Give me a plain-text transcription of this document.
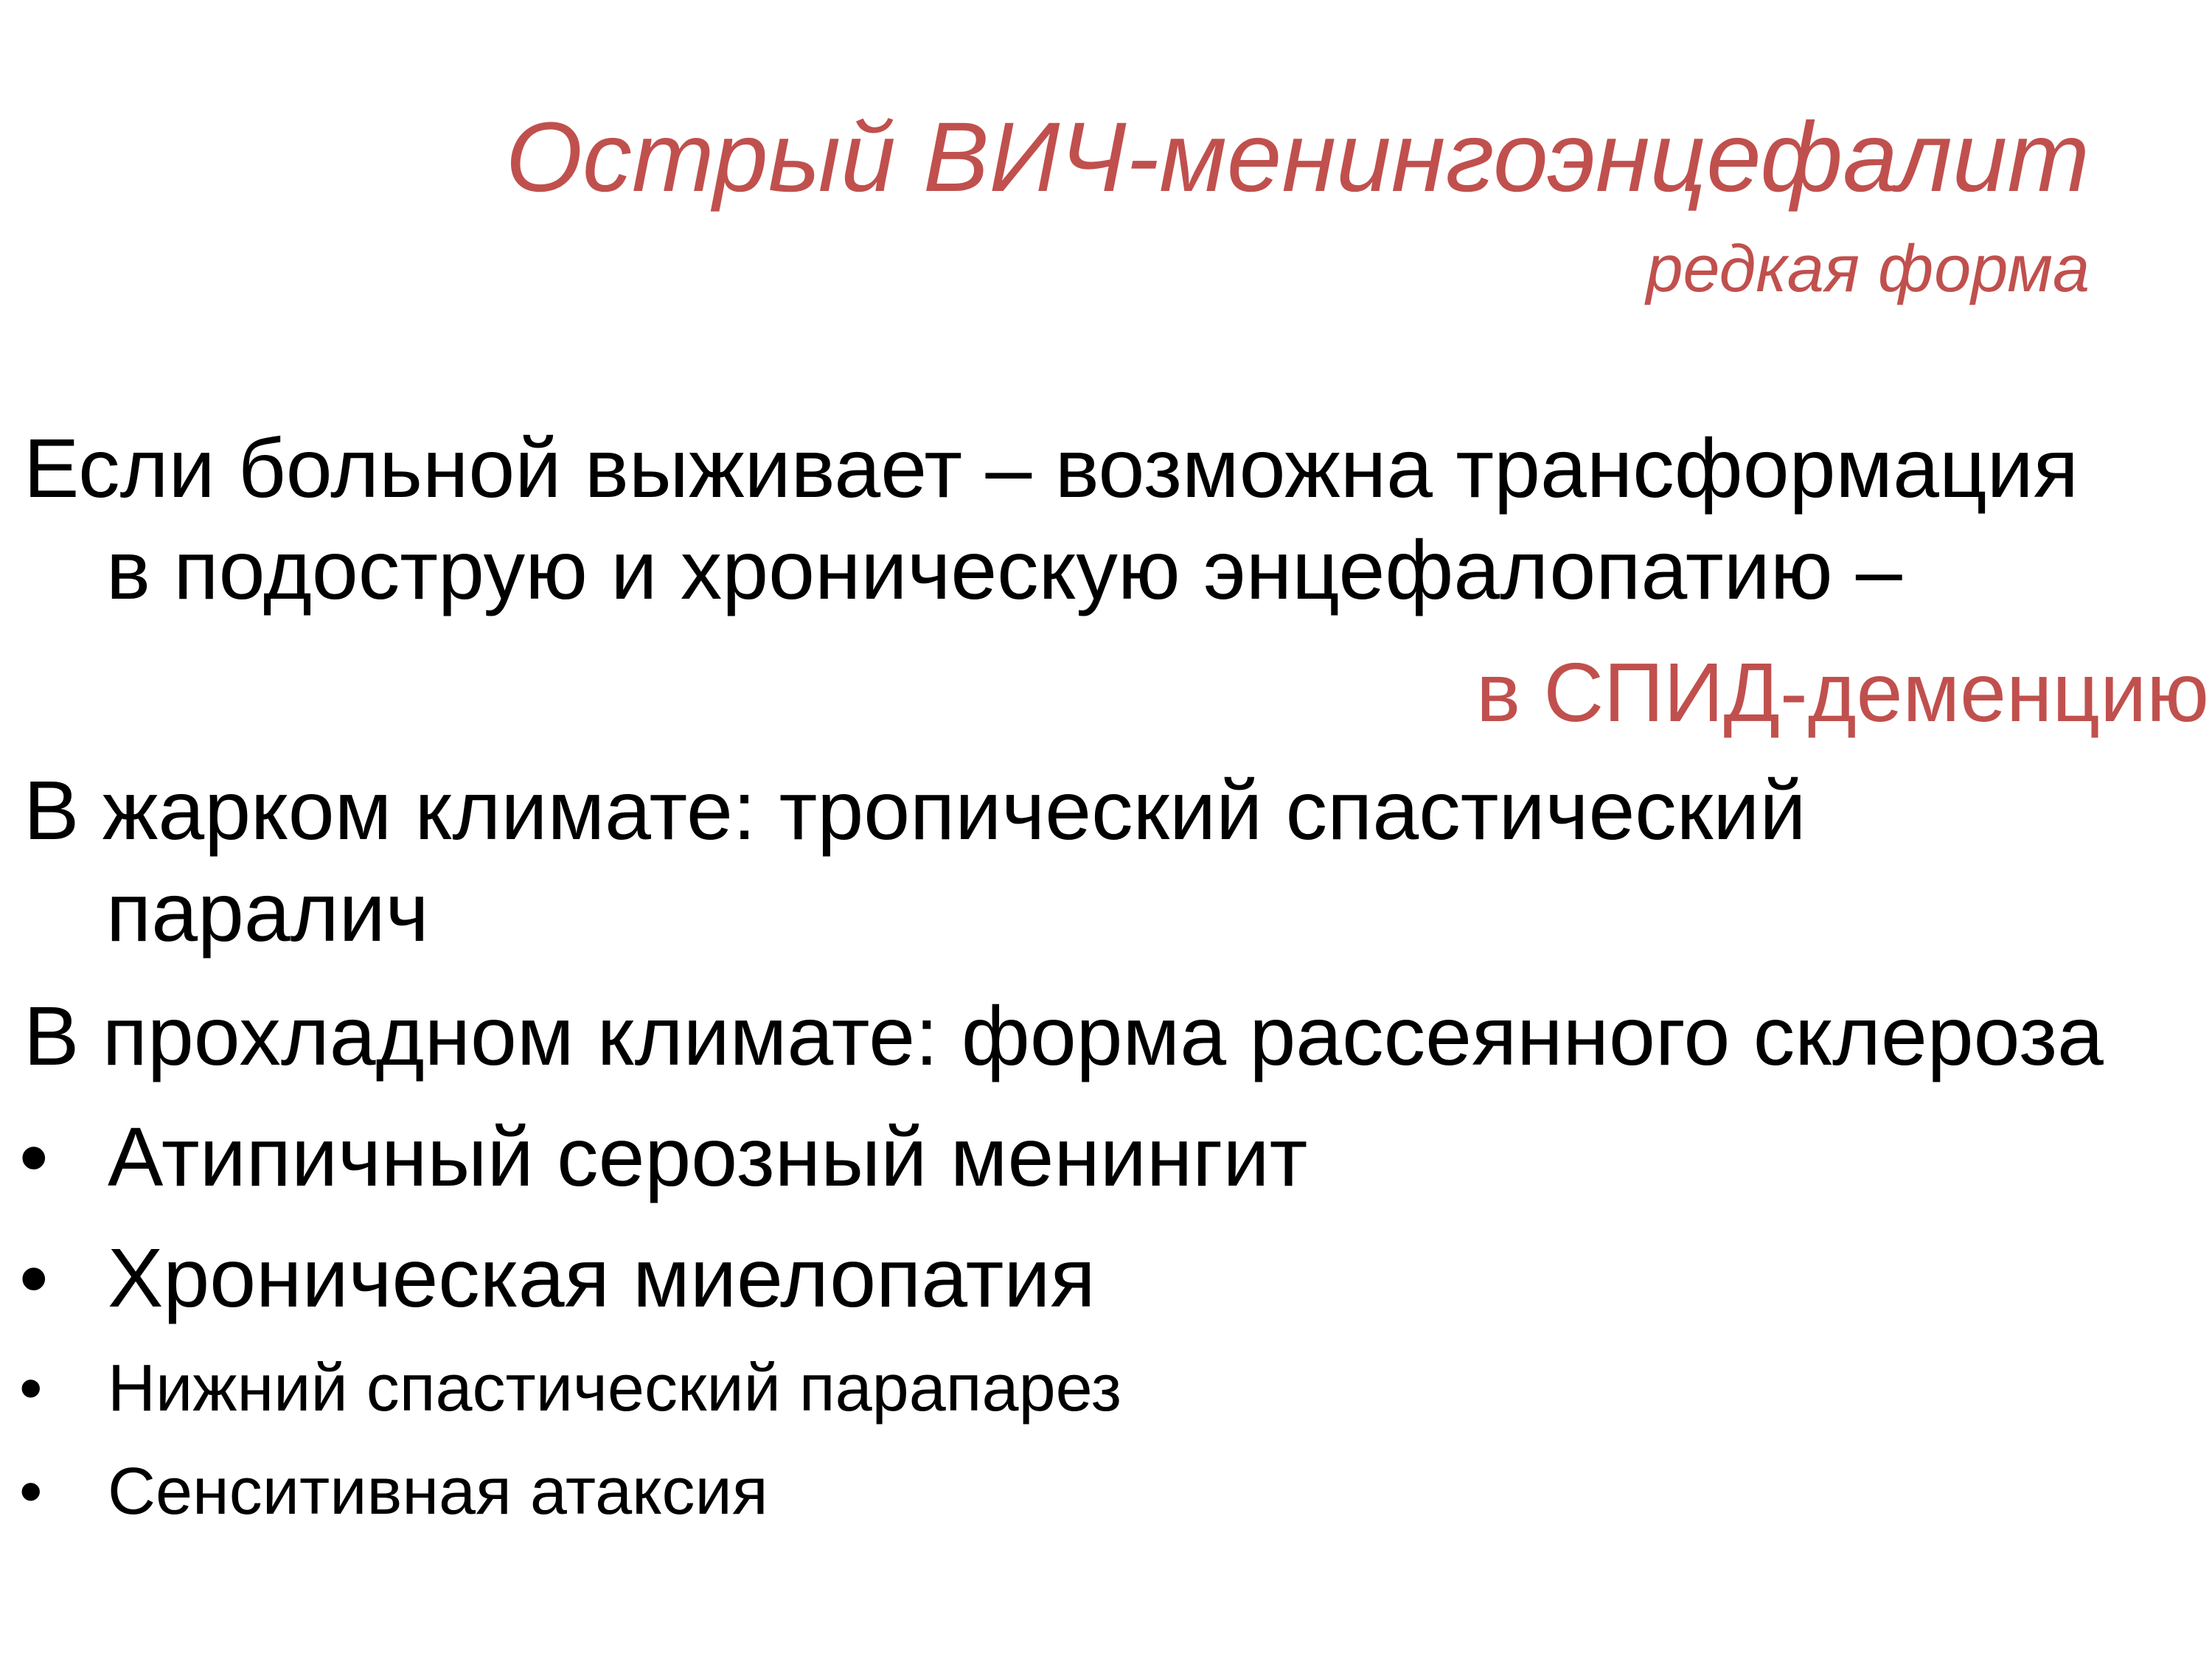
Острый ВИЧ-менингоэнцефалит
редкая форма
Если больной выживает – возможна трансформация
в подострую и хроническую энцефалопатию –
в СПИД-деменцию
В жарком климате: тропический спастический
паралич
В прохладном климате: форма рассеянного склероза
• Атипичный серозный менингит
• Хроническая миелопатия
• Нижний спастический парапарез
• Сенситивная атаксия
